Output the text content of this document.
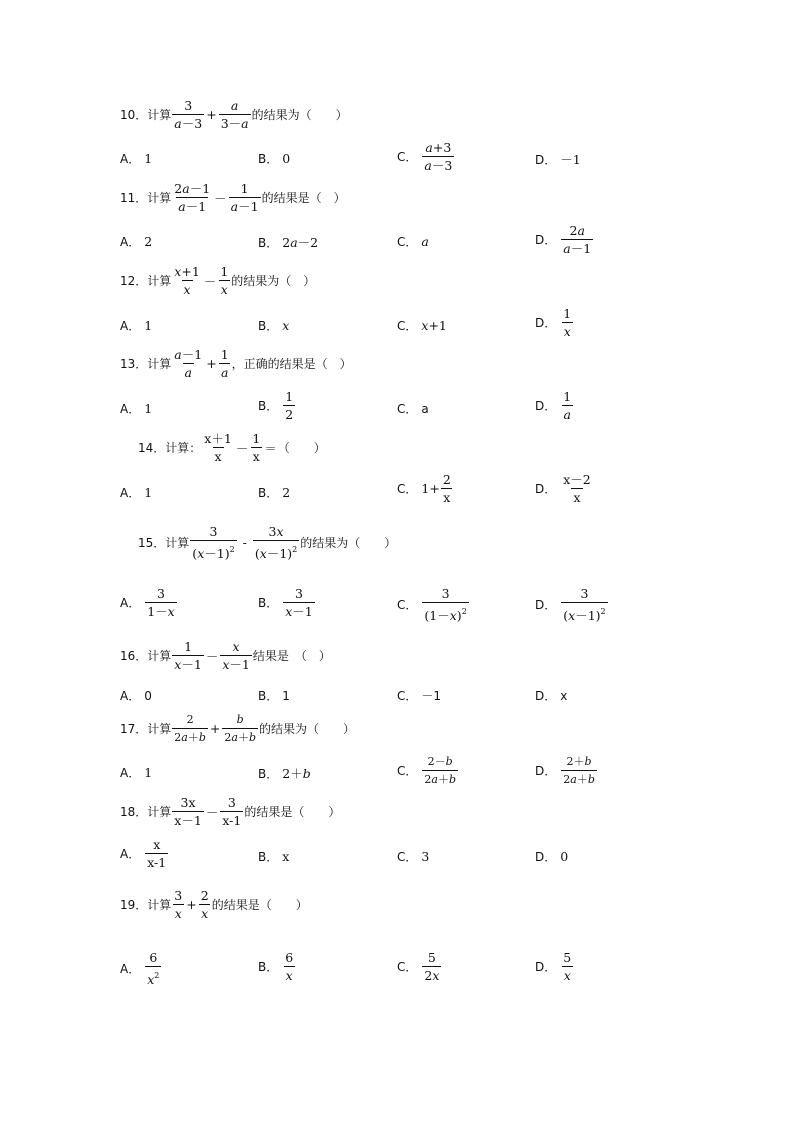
10． 计算 $\frac{3}{a-3} + \frac{a}{3-a}$ 的结果为（　　）
A． 1	B． 0	C． $\frac{a+3}{a-3}$	D． －1
11． 计算 $\frac{2a-1}{a-1} - \frac{1}{a-1}$ 的结果是（　）
A． 2	B． 2a－2	C． a	D． $\frac{2a}{a-1}$
12． 计算 $\frac{x+1}{x} - \frac{1}{x}$ 的结果为（　）
A． 1	B． x	C． x+1	D． $\frac{1}{x}$
13． 计算 $\frac{a-1}{a} + \frac{1}{a}$ ，正确的结果是（　）
A． 1	B． $\frac{1}{2}$	C． a	D． $\frac{1}{a}$
14． 计算： $\frac{x+1}{x} - \frac{1}{x}$ ＝ （　　）
A． 1	B． 2	C． $1+ \frac{2}{x}$	D． $\frac{x-2}{x}$
15． 计算 $\frac{3}{(x-1)^2} - \frac{3x}{(x-1)^2}$ 的结果为（　　）
A． $\frac{3}{1-x}$	B． $\frac{3}{x-1}$	C． $\frac{3}{(1-x)^2}$	D． $\frac{3}{(x-1)^2}$
16． 计算 $\frac{1}{x-1} - \frac{x}{x-1}$ 结果是　（　）
A． 0	B． 1	C． －1	D． x
17． 计算 $\frac{2}{2a+b} + \frac{b}{2a+b}$ 的结果为（　　）
A． 1	B． 2＋b	C． $\frac{2-b}{2a+b}$	D． $\frac{2+b}{2a+b}$
18． 计算 $\frac{3x}{x-1} - \frac{3}{x-1}$ 的结果是（　　）
A． $\frac{x}{x-1}$	B． x	C． 3	D． 0
19． 计算 $\frac{3}{x} + \frac{2}{x}$ 的结果是（　　）
A． $\frac{6}{x^2}$	B． $\frac{6}{x}$	C． $\frac{5}{2x}$	D． $\frac{5}{x}$
